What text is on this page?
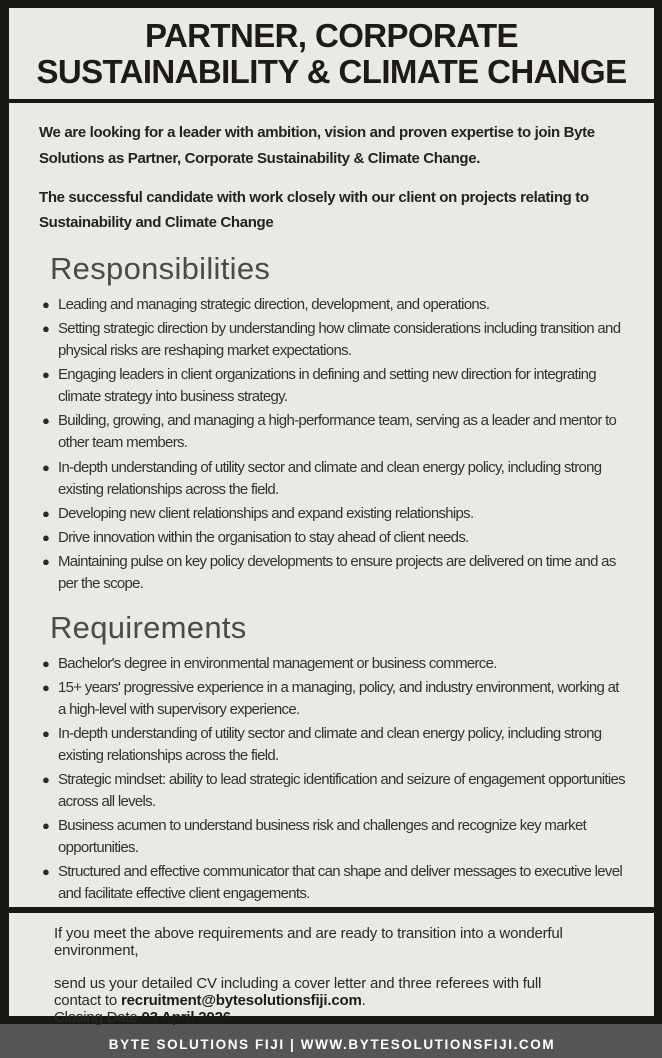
PARTNER, CORPORATE
SUSTAINABILITY & CLIMATE CHANGE

We are looking for a leader with ambition, vision and proven expertise to join Byte Solutions as Partner, Corporate Sustainability & Climate Change.

The successful candidate with work closely with our client on projects relating to Sustainability and Climate Change

Responsibilities
● Leading and managing strategic direction, development, and operations.
● Setting strategic direction by understanding how climate considerations including transition and physical risks are reshaping market expectations.
● Engaging leaders in client organizations in defining and setting new direction for integrating climate strategy into business strategy.
● Building, growing, and managing a high-performance team, serving as a leader and mentor to other team members.
● In-depth understanding of utility sector and climate and clean energy policy, including strong existing relationships across the field.
● Developing new client relationships and expand existing relationships.
● Drive innovation within the organisation to stay ahead of client needs.
● Maintaining pulse on key policy developments to ensure projects are delivered on time and as per the scope.
Requirements
● Bachelor's degree in environmental management or business commerce.
● 15+ years' progressive experience in a managing, policy, and industry environment, working at a high-level with supervisory experience.
● In-depth understanding of utility sector and climate and clean energy policy, including strong existing relationships across the field.
● Strategic mindset: ability to lead strategic identification and seizure of engagement opportunities across all levels.
● Business acumen to understand business risk and challenges and recognize key market opportunities.
● Structured and effective communicator that can shape and deliver messages to executive level and facilitate effective client engagements.

If you meet the above requirements and are ready to transition into a wonderful environment,

send us your detailed CV including a cover letter and three referees with full contact to recruitment@bytesolutionsfiji.com.

Closing Date 03 April 2026.

BYTE SOLUTIONS FIJI | WWW.BYTESOLUTIONSFIJI.COM
